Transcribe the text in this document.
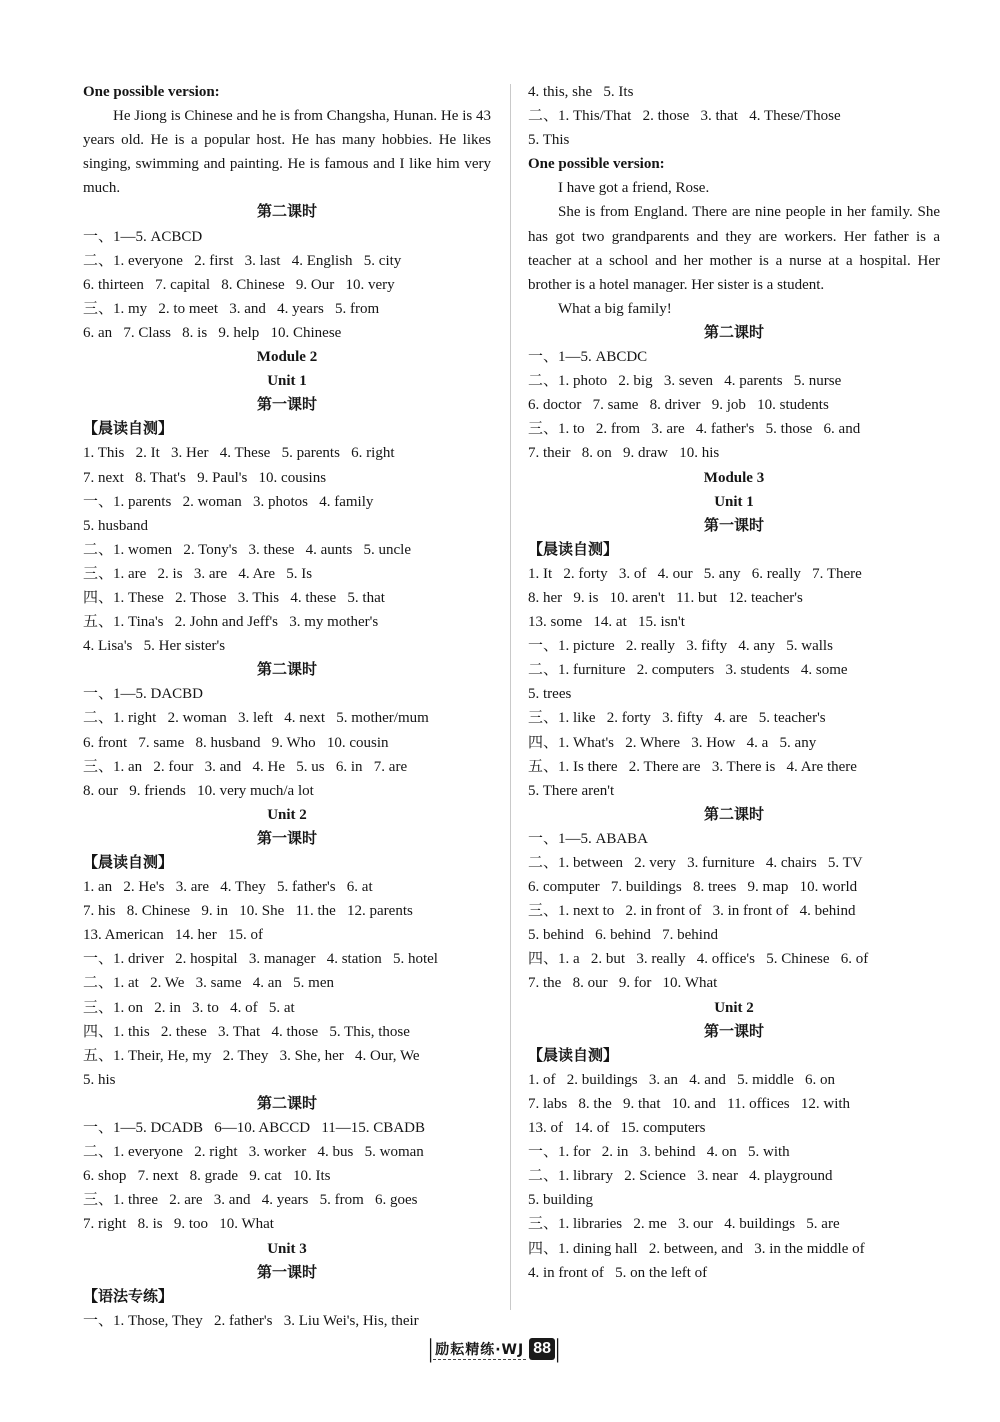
One possible version:
He Jiong is Chinese and he is from Changsha, Hunan. He is 43 years old. He is a popular host. He has many hobbies. He likes singing, swimming and painting. He is famous and I like him very much.
第二课时
一、1—5. ACBCD
二、1. everyone   2. first   3. last   4. English   5. city
6. thirteen   7. capital   8. Chinese   9. Our   10. very
三、1. my   2. to meet   3. and   4. years   5. from
6. an   7. Class   8. is   9. help   10. Chinese
Module 2
Unit 1
第一课时
【晨读自测】
1. This   2. It   3. Her   4. These   5. parents   6. right
7. next   8. That's   9. Paul's   10. cousins
一、1. parents   2. woman   3. photos   4. family
5. husband
二、1. women   2. Tony's   3. these   4. aunts   5. uncle
三、1. are   2. is   3. are   4. Are   5. Is
四、1. These   2. Those   3. This   4. these   5. that
五、1. Tina's   2. John and Jeff's   3. my mother's
4. Lisa's   5. Her sister's
第二课时
一、1—5. DACBD
二、1. right   2. woman   3. left   4. next   5. mother/mum
6. front   7. same   8. husband   9. Who   10. cousin
三、1. an   2. four   3. and   4. He   5. us   6. in   7. are
8. our   9. friends   10. very much/a lot
Unit 2
第一课时
【晨读自测】
1. an   2. He's   3. are   4. They   5. father's   6. at
7. his   8. Chinese   9. in   10. She   11. the   12. parents
13. American   14. her   15. of
一、1. driver   2. hospital   3. manager   4. station   5. hotel
二、1. at   2. We   3. same   4. an   5. men
三、1. on   2. in   3. to   4. of   5. at
四、1. this   2. these   3. That   4. those   5. This, those
五、1. Their, He, my   2. They   3. She, her   4. Our, We
5. his
第二课时
一、1—5. DCADB   6—10. ABCCD   11—15. CBADB
二、1. everyone   2. right   3. worker   4. bus   5. woman
6. shop   7. next   8. grade   9. cat   10. Its
三、1. three   2. are   3. and   4. years   5. from   6. goes
7. right   8. is   9. too   10. What
Unit 3
第一课时
【语法专练】
一、1. Those, They   2. father's   3. Liu Wei's, His, their
4. this, she   5. Its
二、1. This/That   2. those   3. that   4. These/Those
5. This
One possible version:
I have got a friend, Rose.
She is from England. There are nine people in her family. She has got two grandparents and they are workers. Her father is a teacher at a school and her mother is a nurse at a hospital. Her brother is a hotel manager. Her sister is a student.
What a big family!
第二课时
一、1—5. ABCDC
二、1. photo   2. big   3. seven   4. parents   5. nurse
6. doctor   7. same   8. driver   9. job   10. students
三、1. to   2. from   3. are   4. father's   5. those   6. and
7. their   8. on   9. draw   10. his
Module 3
Unit 1
第一课时
【晨读自测】
1. It   2. forty   3. of   4. our   5. any   6. really   7. There
8. her   9. is   10. aren't   11. but   12. teacher's
13. some   14. at   15. isn't
一、1. picture   2. really   3. fifty   4. any   5. walls
二、1. furniture   2. computers   3. students   4. some
5. trees
三、1. like   2. forty   3. fifty   4. are   5. teacher's
四、1. What's   2. Where   3. How   4. a   5. any
五、1. Is there   2. There are   3. There is   4. Are there
5. There aren't
第二课时
一、1—5. ABABA
二、1. between   2. very   3. furniture   4. chairs   5. TV
6. computer   7. buildings   8. trees   9. map   10. world
三、1. next to   2. in front of   3. in front of   4. behind
5. behind   6. behind   7. behind
四、1. a   2. but   3. really   4. office's   5. Chinese   6. of
7. the   8. our   9. for   10. What
Unit 2
第一课时
【晨读自测】
1. of   2. buildings   3. an   4. and   5. middle   6. on
7. labs   8. the   9. that   10. and   11. offices   12. with
13. of   14. of   15. computers
一、1. for   2. in   3. behind   4. on   5. with
二、1. library   2. Science   3. near   4. playground
5. building
三、1. libraries   2. me   3. our   4. buildings   5. are
四、1. dining hall   2. between, and   3. in the middle of
4. in front of   5. on the left of
| 励耘精练·WJ 88 |
